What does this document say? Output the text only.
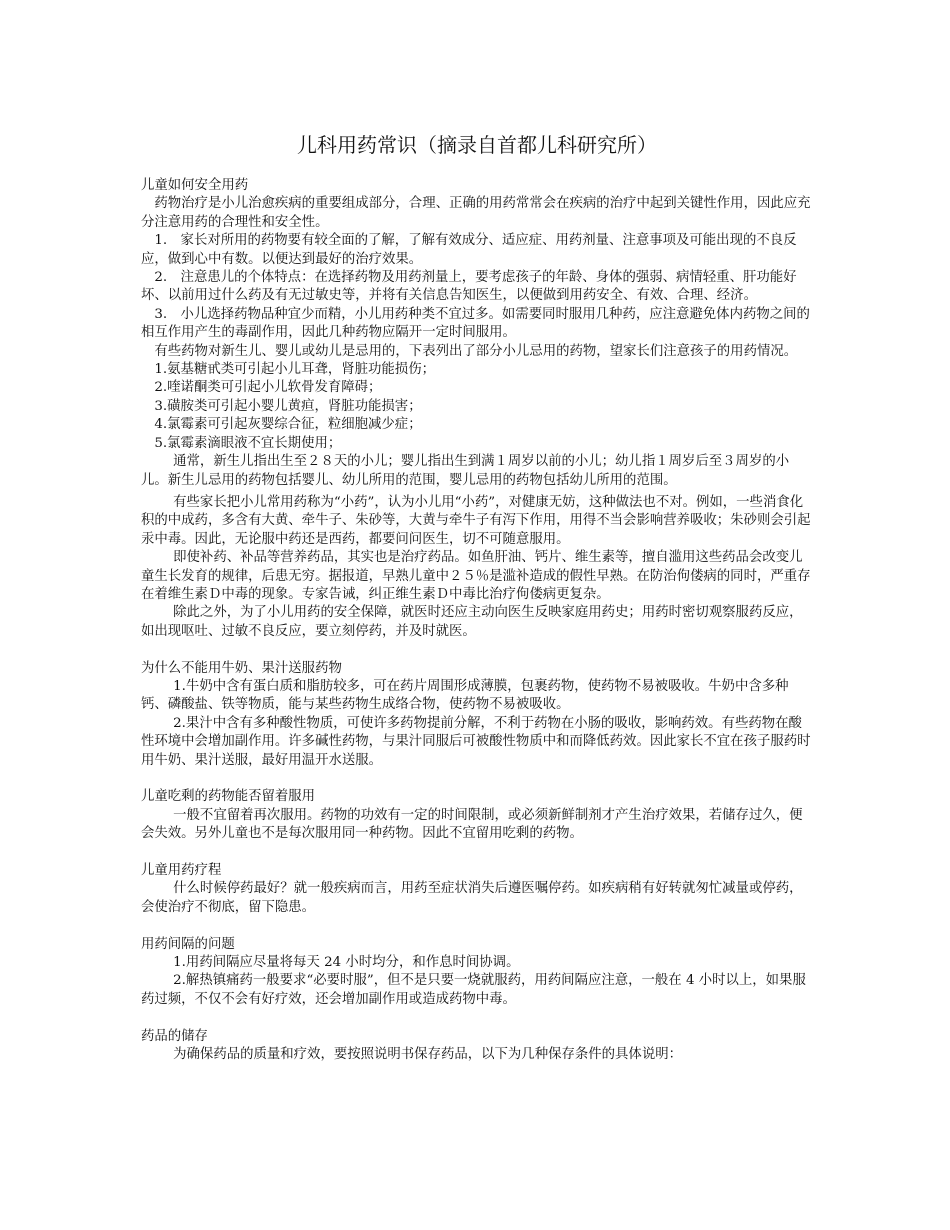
儿科用药常识（摘录自首都儿科研究所）
儿童如何安全用药

药物治疗是小儿治愈疾病的重要组成部分，合理、正确的用药常常会在疾病的治疗中起到关键性作用，因此应充分注意用药的合理性和安全性。

1.　家长对所用的药物要有较全面的了解，了解有效成分、适应症、用药剂量、注意事项及可能出现的不良反应，做到心中有数。以便达到最好的治疗效果。

2.　注意患儿的个体特点：在选择药物及用药剂量上，要考虑孩子的年龄、身体的强弱、病情轻重、肝功能好坏、以前用过什么药及有无过敏史等，并将有关信息告知医生，以便做到用药安全、有效、合理、经济。

3.　小儿选择药物品种宜少而精，小儿用药种类不宜过多。如需要同时服用几种药，应注意避免体内药物之间的相互作用产生的毒副作用，因此几种药物应隔开一定时间服用。

有些药物对新生儿、婴儿或幼儿是忌用的，下表列出了部分小儿忌用的药物，望家长们注意孩子的用药情况。

1.氨基糖甙类可引起小儿耳聋，肾脏功能损伤；
2.喹诺酮类可引起小儿软骨发育障碍；
3.磺胺类可引起小婴儿黄疸，肾脏功能损害；
4.氯霉素可引起灰婴综合征，粒细胞减少症；
5.氯霉素滴眼液不宜长期使用；

通常，新生儿指出生至２８天的小儿；婴儿指出生到满１周岁以前的小儿；幼儿指１周岁后至３周岁的小儿。新生儿忌用的药物包括婴儿、幼儿所用的范围，婴儿忌用的药物包括幼儿所用的范围。

有些家长把小儿常用药称为“小药”，认为小儿用“小药”，对健康无妨，这种做法也不对。例如，一些消食化积的中成药，多含有大黄、牵牛子、朱砂等，大黄与牵牛子有泻下作用，用得不当会影响营养吸收；朱砂则会引起汞中毒。因此，无论服中药还是西药，都要问问医生，切不可随意服用。

即使补药、补品等营养药品，其实也是治疗药品。如鱼肝油、钙片、维生素等，擅自滥用这些药品会改变儿童生长发育的规律，后患无穷。据报道，早熟儿童中２５％是滥补造成的假性早熟。在防治佝偻病的同时，严重存在着维生素Ｄ中毒的现象。专家告诫，纠正维生素Ｄ中毒比治疗佝偻病更复杂。

除此之外，为了小儿用药的安全保障，就医时还应主动向医生反映家庭用药史；用药时密切观察服药反应，如出现呕吐、过敏不良反应，要立刻停药，并及时就医。

为什么不能用牛奶、果汁送服药物

1.牛奶中含有蛋白质和脂肪较多，可在药片周围形成薄膜，包裹药物，使药物不易被吸收。牛奶中含多种钙、磷酸盐、铁等物质，能与某些药物生成络合物，使药物不易被吸收。

2.果汁中含有多种酸性物质，可使许多药物提前分解，不利于药物在小肠的吸收，影响药效。有些药物在酸性环境中会增加副作用。许多碱性药物，与果汁同服后可被酸性物质中和而降低药效。因此家长不宜在孩子服药时用牛奶、果汁送服，最好用温开水送服。

儿童吃剩的药物能否留着服用

一般不宜留着再次服用。药物的功效有一定的时间限制，或必须新鲜制剂才产生治疗效果，若储存过久，便会失效。另外儿童也不是每次服用同一种药物。因此不宜留用吃剩的药物。

儿童用药疗程

什么时候停药最好？就一般疾病而言，用药至症状消失后遵医嘱停药。如疾病稍有好转就匆忙减量或停药，会使治疗不彻底，留下隐患。

用药间隔的问题

1.用药间隔应尽量将每天 24 小时均分，和作息时间协调。

2.解热镇痛药一般要求“必要时服”，但不是只要一烧就服药，用药间隔应注意，一般在 4 小时以上，如果服药过频，不仅不会有好疗效，还会增加副作用或造成药物中毒。

药品的储存

为确保药品的质量和疗效，要按照说明书保存药品，以下为几种保存条件的具体说明：
